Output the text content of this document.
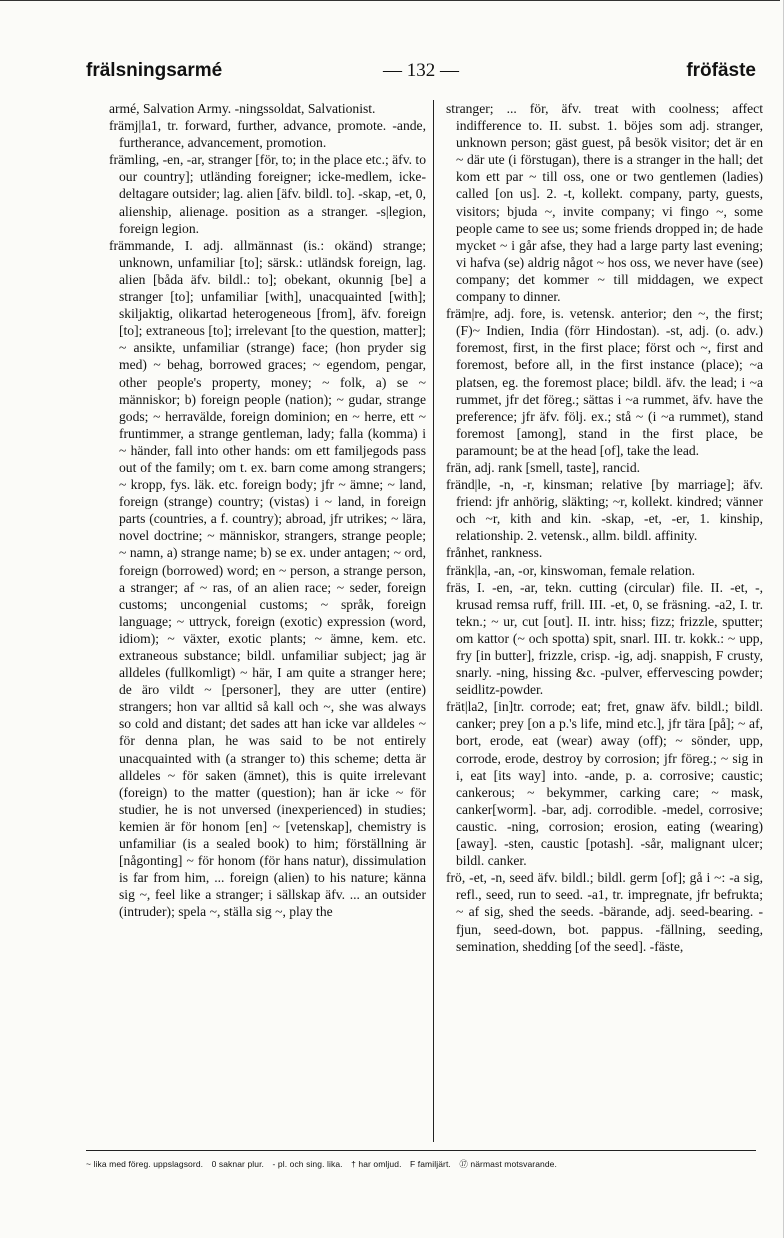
frälsningsarmé	— 132 —	fröfäste

armé, Salvation Army. -ningssoldat, Salvationist.

främj|la1, tr. forward, further, advance, promote. -ande, furtherance, advancement, promotion.

främling, -en, -ar, stranger [för, to; in the place etc.; äfv. to our country]; utländing foreigner; icke-medlem, icke-deltagare outsider; lag. alien [äfv. bildl. to]. -skap, -et, 0, alienship, alienage. position as a stranger. -s|legion, foreign legion.

främmande, I. adj. allmännast (is.: okänd) strange; unknown, unfamiliar [to]; särsk.: utländsk foreign, lag. alien [båda äfv. bildl.: to]; obekant, okunnig [be] a stranger [to]; unfamiliar [with], unacquainted [with]; skiljaktig, olikartad heterogeneous [from], äfv. foreign [to]; extraneous [to]; irrelevant [to the question, matter]; ~ ansikte, unfamiliar (strange) face; (hon pryder sig med) ~ behag, borrowed graces; ~ egendom, pengar, other people's property, money; ~ folk, a) se ~ människor; b) foreign people (nation); ~ gudar, strange gods; ~ herravälde, foreign dominion; en ~ herre, ett ~ fruntimmer, a strange gentleman, lady; falla (komma) i ~ händer, fall into other hands: om ett familjegods pass out of the family; om t. ex. barn come among strangers; ~ kropp, fys. läk. etc. foreign body; jfr ~ ämne; ~ land, foreign (strange) country; (vistas) i ~ land, in foreign parts (countries, a f. country); abroad, jfr utrikes; ~ lära, novel doctrine; ~ människor, strangers, strange people; ~ namn, a) strange name; b) se ex. under antagen; ~ ord, foreign (borrowed) word; en ~ person, a strange person, a stranger; af ~ ras, of an alien race; ~ seder, foreign customs; uncongenial customs; ~ språk, foreign language; ~ uttryck, foreign (exotic) expression (word, idiom); ~ växter, exotic plants; ~ ämne, kem. etc. extraneous substance; bildl. unfamiliar subject; jag är alldeles (fullkomligt) ~ här, I am quite a stranger here; de äro vildt ~ [personer], they are utter (entire) strangers; hon var alltid så kall och ~, she was always so cold and distant; det sades att han icke var alldeles ~ för denna plan, he was said to be not entirely unacquainted with (a stranger to) this scheme; detta är alldeles ~ för saken (ämnet), this is quite irrelevant (foreign) to the matter (question); han är icke ~ för studier, he is not unversed (inexperienced) in studies; kemien är för honom [en] ~ [vetenskap], chemistry is unfamiliar (is a sealed book) to him; förställning är [någonting] ~ för honom (för hans natur), dissimulation is far from him, ... foreign (alien) to his nature; känna sig ~, feel like a stranger; i sällskap äfv. ... an outsider (intruder); spela ~, ställa sig ~, play the

stranger; ... för, äfv. treat with coolness; affect indifference to. II. subst. 1. böjes som adj. stranger, unknown person; gäst guest, på besök visitor; det är en ~ där ute (i förstugan), there is a stranger in the hall; det kom ett par ~ till oss, one or two gentlemen (ladies) called [on us]. 2. -t, kollekt. company, party, guests, visitors; bjuda ~, invite company; vi fingo ~, some people came to see us; some friends dropped in; de hade mycket ~ i går afse, they had a large party last evening; vi hafva (se) aldrig något ~ hos oss, we never have (see) company; det kommer ~ till middagen, we expect company to dinner.

främ|re, adj. fore, is. vetensk. anterior; den ~, the first; (F)~ Indien, India (förr Hindostan). -st, adj. (o. adv.) foremost, first, in the first place; först och ~, first and foremost, before all, in the first instance (place); ~a platsen, eg. the foremost place; bildl. äfv. the lead; i ~a rummet, jfr det föreg.; sättas i ~a rummet, äfv. have the preference; jfr äfv. följ. ex.; stå ~ (i ~a rummet), stand foremost [among], stand in the first place, be paramount; be at the head [of], take the lead.

frän, adj. rank [smell, taste], rancid.

fränd|le, -n, -r, kinsman; relative [by marriage]; äfv. friend: jfr anhörig, släkting; ~r, kollekt. kindred; vänner och ~r, kith and kin. -skap, -et, -er, 1. kinship, relationship. 2. vetensk., allm. bildl. affinity.

frånhet, rankness.

fränk|la, -an, -or, kinswoman, female relation.

fräs, I. -en, -ar, tekn. cutting (circular) file. II. -et, -, krusad remsa ruff, frill. III. -et, 0, se fräsning. -a2, I. tr. tekn.; ~ ur, cut [out]. II. intr. hiss; fizz; frizzle, sputter; om kattor (~ och spotta) spit, snarl. III. tr. kokk.: ~ upp, fry [in butter], frizzle, crisp. -ig, adj. snappish, F crusty, snarly. -ning, hissing &c. -pulver, effervescing powder; seidlitz-powder.

frät|la2, [in]tr. corrode; eat; fret, gnaw äfv. bildl.; bildl. canker; prey [on a p.'s life, mind etc.], jfr tära [på]; ~ af, bort, erode, eat (wear) away (off); ~ sönder, upp, corrode, erode, destroy by corrosion; jfr föreg.; ~ sig in i, eat [its way] into. -ande, p. a. corrosive; caustic; cankerous; ~ bekymmer, carking care; ~ mask, canker[worm]. -bar, adj. corrodible. -medel, corrosive; caustic. -ning, corrosion; erosion, eating (wearing) [away]. -sten, caustic [potash]. -sår, malignant ulcer; bildl. canker.

frö, -et, -n, seed äfv. bildl.; bildl. germ [of]; gå i ~: -a sig, refl., seed, run to seed. -a1, tr. impregnate, jfr befrukta; ~ af sig, shed the seeds. -bärande, adj. seed-bearing. -fjun, seed-down, bot. pappus. -fällning, seeding, semination, shedding [of the seed]. -fäste,

~ lika med föreg. uppslagsord. 0 saknar plur. - pl. och sing. lika. † har omljud. F familjärt. ⑰ närmast motsvarande.
